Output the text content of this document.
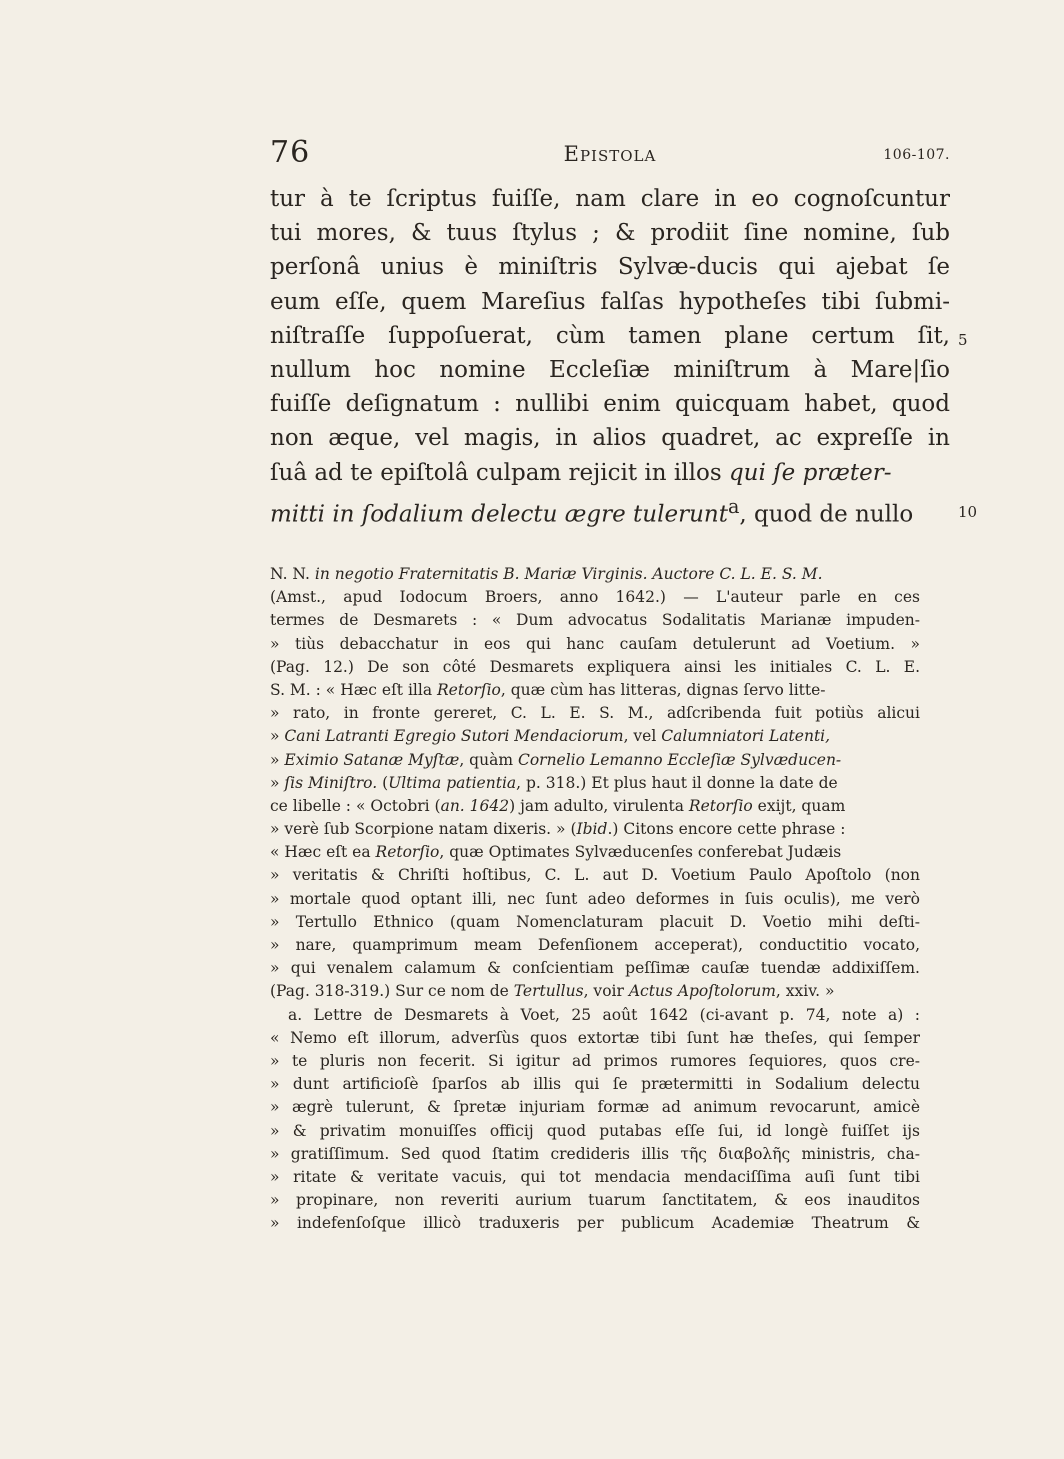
76	Epistola	106-107.
tur à te ſcriptus fuiſſe, nam clare in eo cognoſcuntur
tui mores, & tuus ſtylus ; & prodiit ſine nomine, ſub
perſonâ unius è miniſtris Sylvæ-ducis qui ajebat ſe
eum eſſe, quem Mareſius falſas hypotheſes tibi ſubmi-
niſtraſſe ſuppoſuerat, cùm tamen plane certum ſit,
nullum hoc nomine Eccleſiæ miniſtrum à Mare|ſio
fuiſſe deſignatum : nullibi enim quicquam habet, quod
non æque, vel magis, in alios quadret, ac expreſſe in
ſuâ ad te epiſtolâ culpam rejicit in illos qui ſe præter-
mitti in ſodalium delectu ægre tulerunt$^a$, quod de nullo
5
10
N. N. in negotio Fraternitatis B. Mariæ Virginis. Auctore C. L. E. S. M.
(Amst., apud Iodocum Broers, anno 1642.) — L'auteur parle en ces
termes de Desmarets : « Dum advocatus Sodalitatis Marianæ impuden-
» tiùs debacchatur in eos qui hanc cauſam detulerunt ad Voetium. »
(Pag. 12.) De son côté Desmarets expliquera ainsi les initiales C. L. E.
S. M. : « Hæc eſt illa Retorſio, quæ cùm has litteras, dignas ſervo litte-
» rato, in fronte gereret, C. L. E. S. M., adſcribenda fuit potiùs alicui
» Cani Latranti Egregio Sutori Mendaciorum, vel Calumniatori Latenti,
» Eximio Satanæ Myſtæ, quàm Cornelio Lemanno Eccleſiæ Sylvæducen-
» ſis Miniſtro. (Ultima patientia, p. 318.) Et plus haut il donne la date de
ce libelle : « Octobri (an. 1642) jam adulto, virulenta Retorſio exijt, quam
» verè ſub Scorpione natam dixeris. » (Ibid.) Citons encore cette phrase :
« Hæc eſt ea Retorſio, quæ Optimates Sylvæducenſes conferebat Judæis
» veritatis & Chriſti hoſtibus, C. L. aut D. Voetium Paulo Apoſtolo (non
» mortale quod optant illi, nec ſunt adeo deformes in ſuis oculis), me verò
» Tertullo Ethnico (quam Nomenclaturam placuit D. Voetio mihi deſti-
» nare, quamprimum meam Defenſionem acceperat), conductitio vocato,
» qui venalem calamum & conſcientiam peſſimæ cauſæ tuendæ addixiſſem.
(Pag. 318-319.) Sur ce nom de Tertullus, voir Actus Apoſtolorum, xxiv. »
a. Lettre de Desmarets à Voet, 25 août 1642 (ci-avant p. 74, note a) :
« Nemo eſt illorum, adverſùs quos extortæ tibi ſunt hæ theſes, qui ſemper
» te pluris non fecerit. Si igitur ad primos rumores ſequiores, quos cre-
» dunt artificioſè ſparſos ab illis qui ſe prætermitti in Sodalium delectu
» ægrè tulerunt, & ſpretæ injuriam formæ ad animum revocarunt, amicè
» & privatim monuiſſes officij quod putabas eſſe ſui, id longè fuiſſet ijs
» gratiſſimum. Sed quod ſtatim credideris illis τῆς διαβολῆς ministris, cha-
» ritate & veritate vacuis, qui tot mendacia mendaciſſima auſi ſunt tibi
» propinare, non reveriti aurium tuarum ſanctitatem, & eos inauditos
» indefenſoſque illicò traduxeris per publicum Academiæ Theatrum &
